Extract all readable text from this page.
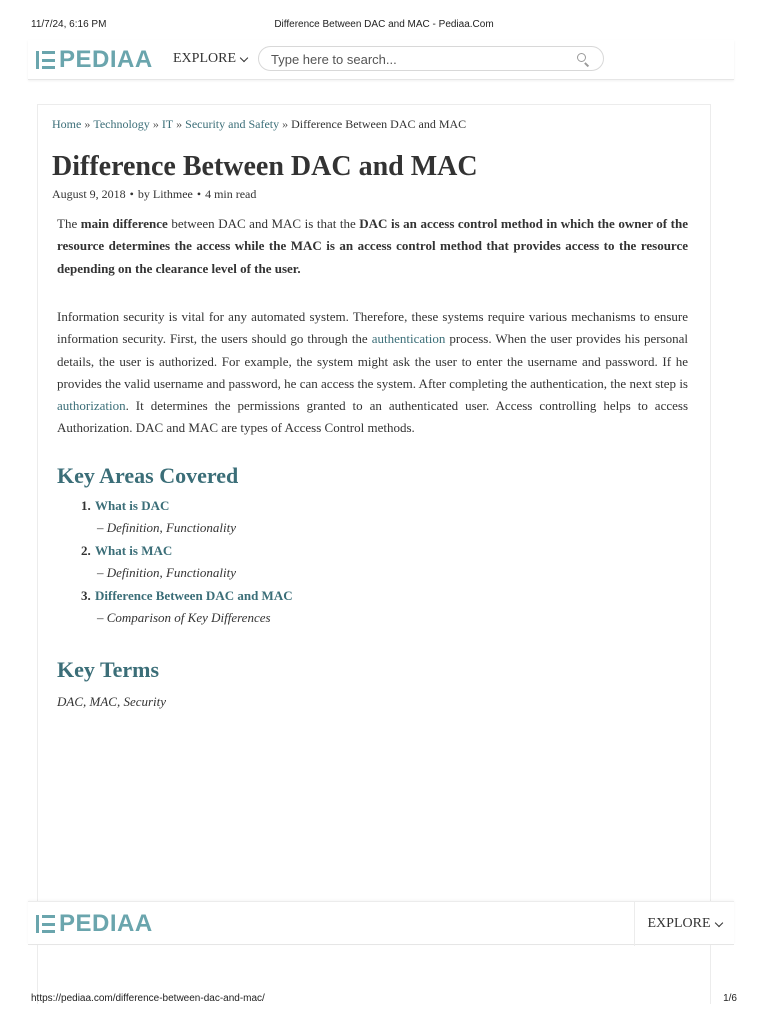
11/7/24, 6:16 PM	Difference Between DAC and MAC - Pediaa.Com
PEDIAA EXPLORE
Type here to search...
Home » Technology » IT » Security and Safety » Difference Between DAC and MAC
Difference Between DAC and MAC
August 9, 2018 • by Lithmee • 4 min read

The main difference between DAC and MAC is that the DAC is an access control method in which the owner of the resource determines the access while the MAC is an access control method that provides access to the resource depending on the clearance level of the user.

Information security is vital for any automated system. Therefore, these systems require various mechanisms to ensure information security. First, the users should go through the authentication process. When the user provides his personal details, the user is authorized. For example, the system might ask the user to enter the username and password. If he provides the valid username and password, he can access the system. After completing the authentication, the next step is authorization. It determines the permissions granted to an authenticated user. Access controlling helps to access Authorization. DAC and MAC are types of Access Control methods.

Key Areas Covered
1. What is DAC
– Definition, Functionality
2. What is MAC
– Definition, Functionality
3. Difference Between DAC and MAC
– Comparison of Key Differences
Key Terms
DAC, MAC, Security
PEDIAA	EXPLORE
https://pediaa.com/difference-between-dac-and-mac/	1/6
